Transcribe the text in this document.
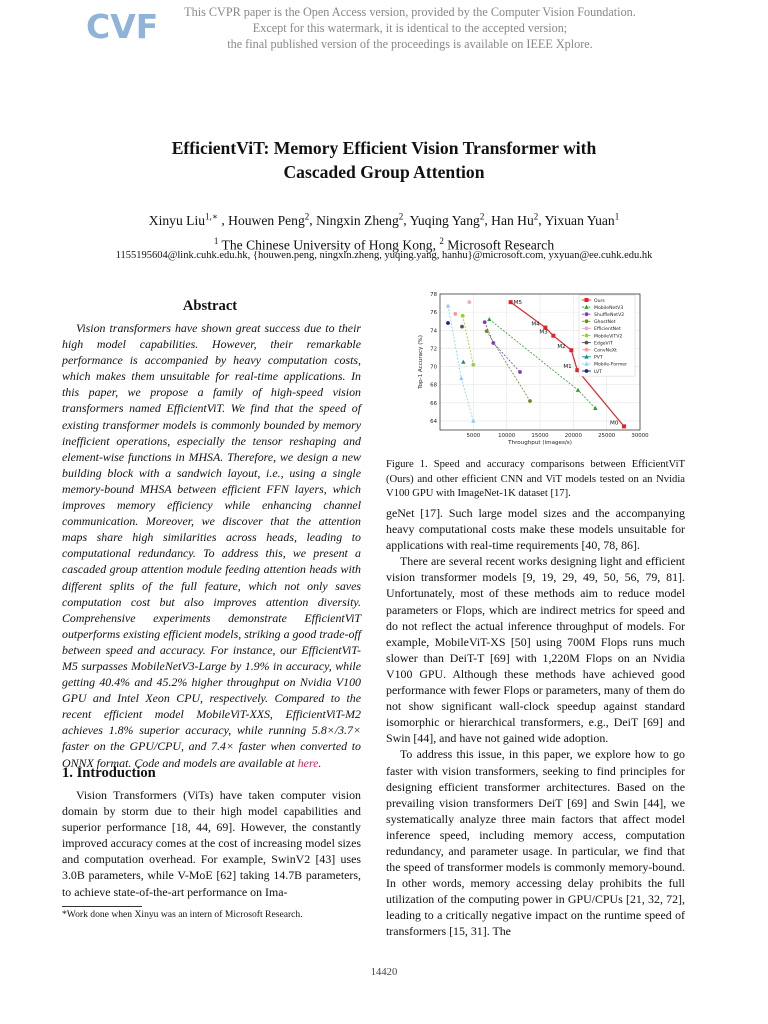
CVF	This CVPR paper is the Open Access version, provided by the Computer Vision Foundation.
Except for this watermark, it is identical to the accepted version;
the final published version of the proceedings is available on IEEE Xplore.
EfficientViT: Memory Efficient Vision Transformer with
Cascaded Group Attention
Xinyu Liu$^{1,∗}$ , Houwen Peng$^2$, Ningxin Zheng$^2$, Yuqing Yang$^2$, Han Hu$^2$, Yixuan Yuan$^1$
$^1$ The Chinese University of Hong Kong, $^2$ Microsoft Research
1155195604@link.cuhk.edu.hk, {houwen.peng, ningxin.zheng, yuqing.yang, hanhu}@microsoft.com, yxyuan@ee.cuhk.edu.hk
Abstract
Vision transformers have shown great success due to their high model capabilities. However, their remarkable performance is accompanied by heavy computation costs, which makes them unsuitable for real-time applications. In this paper, we propose a family of high-speed vision transformers named EfficientViT. We find that the speed of existing transformer models is commonly bounded by memory inefficient operations, especially the tensor reshaping and element-wise functions in MHSA. Therefore, we design a new building block with a sandwich layout, i.e., using a single memory-bound MHSA between efficient FFN layers, which improves memory efficiency while enhancing channel communication. Moreover, we discover that the attention maps share high similarities across heads, leading to computational redundancy. To address this, we present a cascaded group attention module feeding attention heads with different splits of the full feature, which not only saves computation cost but also improves attention diversity. Comprehensive experiments demonstrate EfficientViT outperforms existing efficient models, striking a good trade-off between speed and accuracy. For instance, our EfficientViT-M5 surpasses MobileNetV3-Large by 1.9% in accuracy, while getting 40.4% and 45.2% higher throughput on Nvidia V100 GPU and Intel Xeon CPU, respectively. Compared to the recent efficient model MobileViT-XXS, EfficientViT-M2 achieves 1.8% superior accuracy, while running 5.8×/3.7× faster on the GPU/CPU, and 7.4× faster when converted to ONNX format. Code and models are available at here.
1. Introduction
Vision Transformers (ViTs) have taken computer vision domain by storm due to their high model capabilities and superior performance [18, 44, 69]. However, the constantly improved accuracy comes at the cost of increasing model sizes and computation overhead. For example, SwinV2 [43] uses 3.0B parameters, while V-MoE [62] taking 14.7B parameters, to achieve state-of-the-art performance on Ima-
*Work done when Xinyu was an intern of Microsoft Research.
64
66
68
70
72
74
76
78
5000	10000	15000	20000	25000	30000
Throughput (images/s)
Top-1 Accuracy (%)
M5
M4
M3
M2
M1
M0
Ours
MobileNetV3
ShuffleNetV2
GhostNet
EfficientNet
MobileViTV2
EdgeViT
ConvNeXt
PVT
Mobile-Former
LVT
Figure 1. Speed and accuracy comparisons between EfficientViT (Ours) and other efficient CNN and ViT models tested on an Nvidia V100 GPU with ImageNet-1K dataset [17].

geNet [17]. Such large model sizes and the accompanying heavy computational costs make these models unsuitable for applications with real-time requirements [40, 78, 86].

There are several recent works designing light and efficient vision transformer models [9, 19, 29, 49, 50, 56, 79, 81]. Unfortunately, most of these methods aim to reduce model parameters or Flops, which are indirect metrics for speed and do not reflect the actual inference throughput of models. For example, MobileViT-XS [50] using 700M Flops runs much slower than DeiT-T [69] with 1,220M Flops on an Nvidia V100 GPU. Although these methods have achieved good performance with fewer Flops or parameters, many of them do not show significant wall-clock speedup against standard isomorphic or hierarchical transformers, e.g., DeiT [69] and Swin [44], and have not gained wide adoption.

To address this issue, in this paper, we explore how to go faster with vision transformers, seeking to find principles for designing efficient transformer architectures. Based on the prevailing vision transformers DeiT [69] and Swin [44], we systematically analyze three main factors that affect model inference speed, including memory access, computation redundancy, and parameter usage. In particular, we find that the speed of transformer models is commonly memory-bound. In other words, memory accessing delay prohibits the full utilization of the computing power in GPU/CPUs [21, 32, 72], leading to a critically negative impact on the runtime speed of transformers [15, 31]. The

14420
